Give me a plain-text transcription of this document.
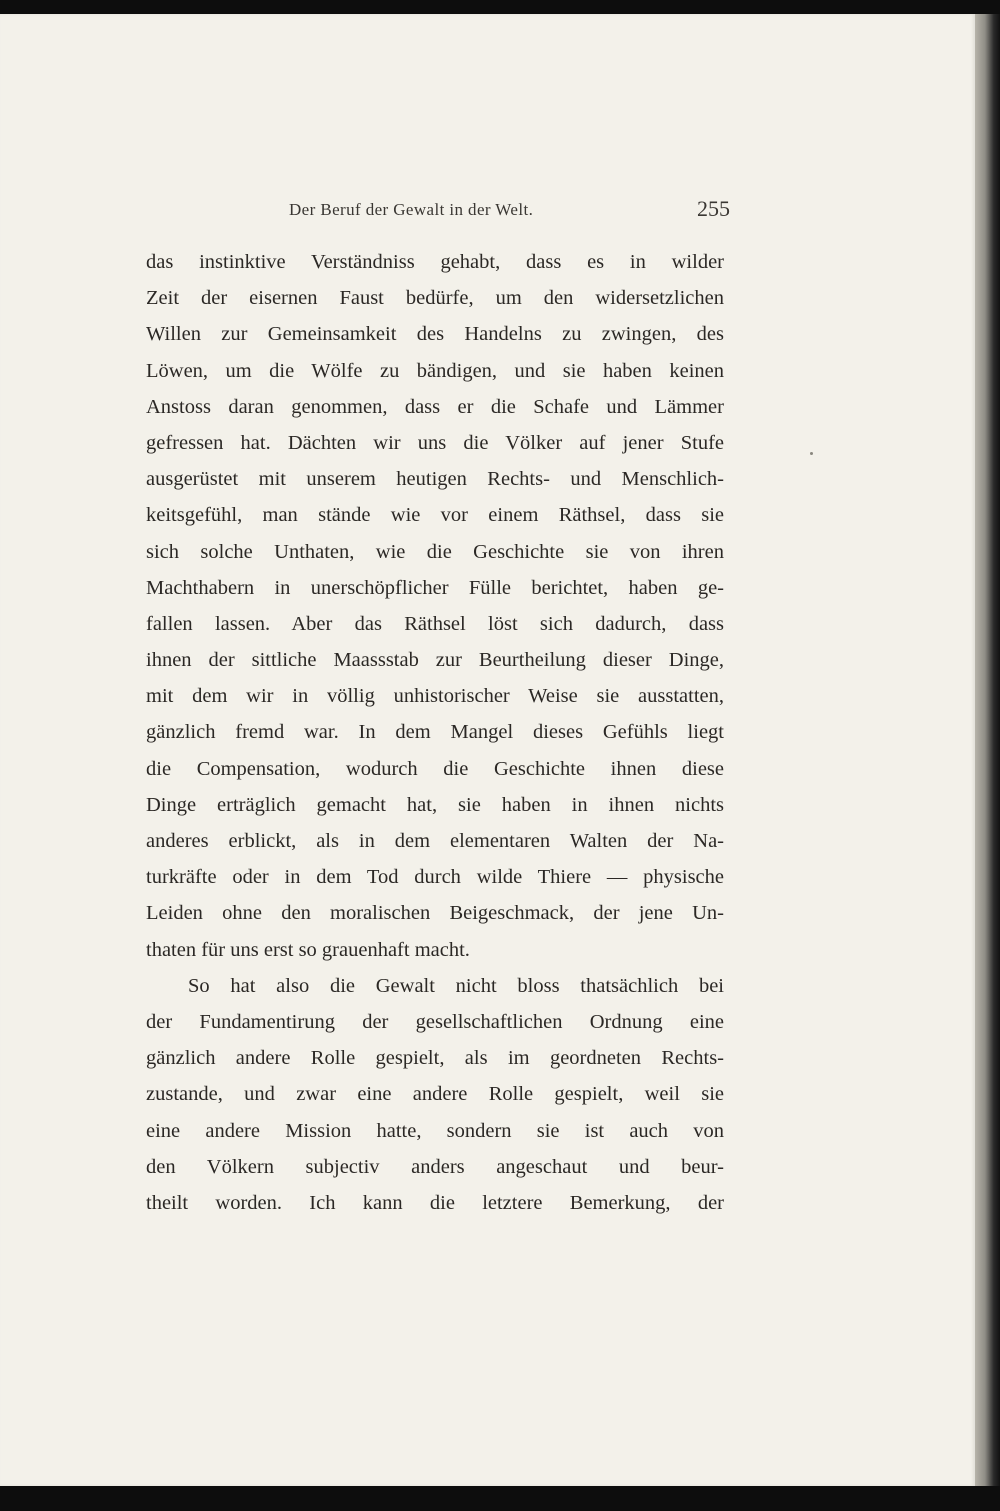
Der Beruf der Gewalt in der Welt.	255
das instinktive Verständniss gehabt, dass es in wilder
Zeit der eisernen Faust bedürfe, um den widersetzlichen
Willen zur Gemeinsamkeit des Handelns zu zwingen, des
Löwen, um die Wölfe zu bändigen, und sie haben keinen
Anstoss daran genommen, dass er die Schafe und Lämmer
gefressen hat. Dächten wir uns die Völker auf jener Stufe
ausgerüstet mit unserem heutigen Rechts- und Menschlich-
keitsgefühl, man stände wie vor einem Räthsel, dass sie
sich solche Unthaten, wie die Geschichte sie von ihren
Machthabern in unerschöpflicher Fülle berichtet, haben ge-
fallen lassen. Aber das Räthsel löst sich dadurch, dass
ihnen der sittliche Maassstab zur Beurtheilung dieser Dinge,
mit dem wir in völlig unhistorischer Weise sie ausstatten,
gänzlich fremd war. In dem Mangel dieses Gefühls liegt
die Compensation, wodurch die Geschichte ihnen diese
Dinge erträglich gemacht hat, sie haben in ihnen nichts
anderes erblickt, als in dem elementaren Walten der Na-
turkräfte oder in dem Tod durch wilde Thiere — physische
Leiden ohne den moralischen Beigeschmack, der jene Un-
thaten für uns erst so grauenhaft macht.
So hat also die Gewalt nicht bloss thatsächlich bei
der Fundamentirung der gesellschaftlichen Ordnung eine
gänzlich andere Rolle gespielt, als im geordneten Rechts-
zustande, und zwar eine andere Rolle gespielt, weil sie
eine andere Mission hatte, sondern sie ist auch von
den Völkern subjectiv anders angeschaut und beur-
theilt worden. Ich kann die letztere Bemerkung, der
